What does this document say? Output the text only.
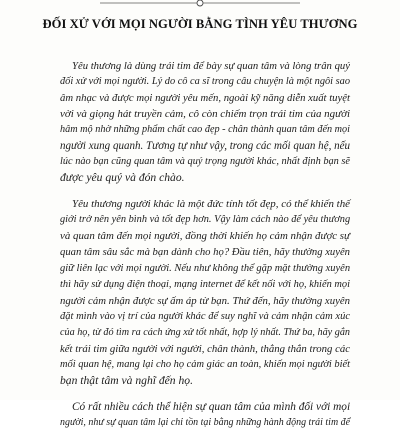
ĐỐI XỬ VỚI MỌI NGƯỜI BẰNG TÌNH YÊU THƯƠNG

Yêu thương là dùng trái tim để bày sự quan tâm và lòng trân quý
đối xử với mọi người. Lý do cô ca sĩ trong câu chuyện là một ngôi sao
âm nhạc và được mọi người yêu mến, ngoài kỹ năng diễn xuất tuyệt
vời và giọng hát truyền cảm, cô còn chiếm trọn trái tim của người
hâm mộ nhờ những phẩm chất cao đẹp - chân thành quan tâm đến mọi
người xung quanh. Tương tự như vậy, trong các mối quan hệ, nếu
lúc nào bạn cũng quan tâm và quý trọng người khác, nhất định bạn sẽ
được yêu quý và đón chào.

Yêu thương người khác là một đức tính tốt đẹp, có thể khiến thế
giới trở nên yên bình và tốt đẹp hơn. Vậy làm cách nào để yêu thương
và quan tâm đến mọi người, đồng thời khiến họ cảm nhận được sự
quan tâm sâu sắc mà bạn dành cho họ? Đầu tiên, hãy thường xuyên
giữ liên lạc với mọi người. Nếu như không thể gặp mặt thường xuyên
thì hãy sử dụng điện thoại, mạng internet để kết nối với họ, khiến mọi
người cảm nhận được sự ấm áp từ bạn. Thứ đến, hãy thường xuyên
đặt mình vào vị trí của người khác để suy nghĩ và cảm nhận cảm xúc
của họ, từ đó tìm ra cách ứng xử tốt nhất, hợp lý nhất. Thứ ba, hãy gắn
kết trái tim giữa người với người, chân thành, thẳng thắn trong các
mối quan hệ, mang lại cho họ cảm giác an toàn, khiến mọi người biết
bạn thật tâm và nghĩ đến họ.

Có rất nhiều cách thể hiện sự quan tâm của mình đối với mọi
người, như sự quan tâm lại chỉ tồn tại bằng những hành động trái tim để
